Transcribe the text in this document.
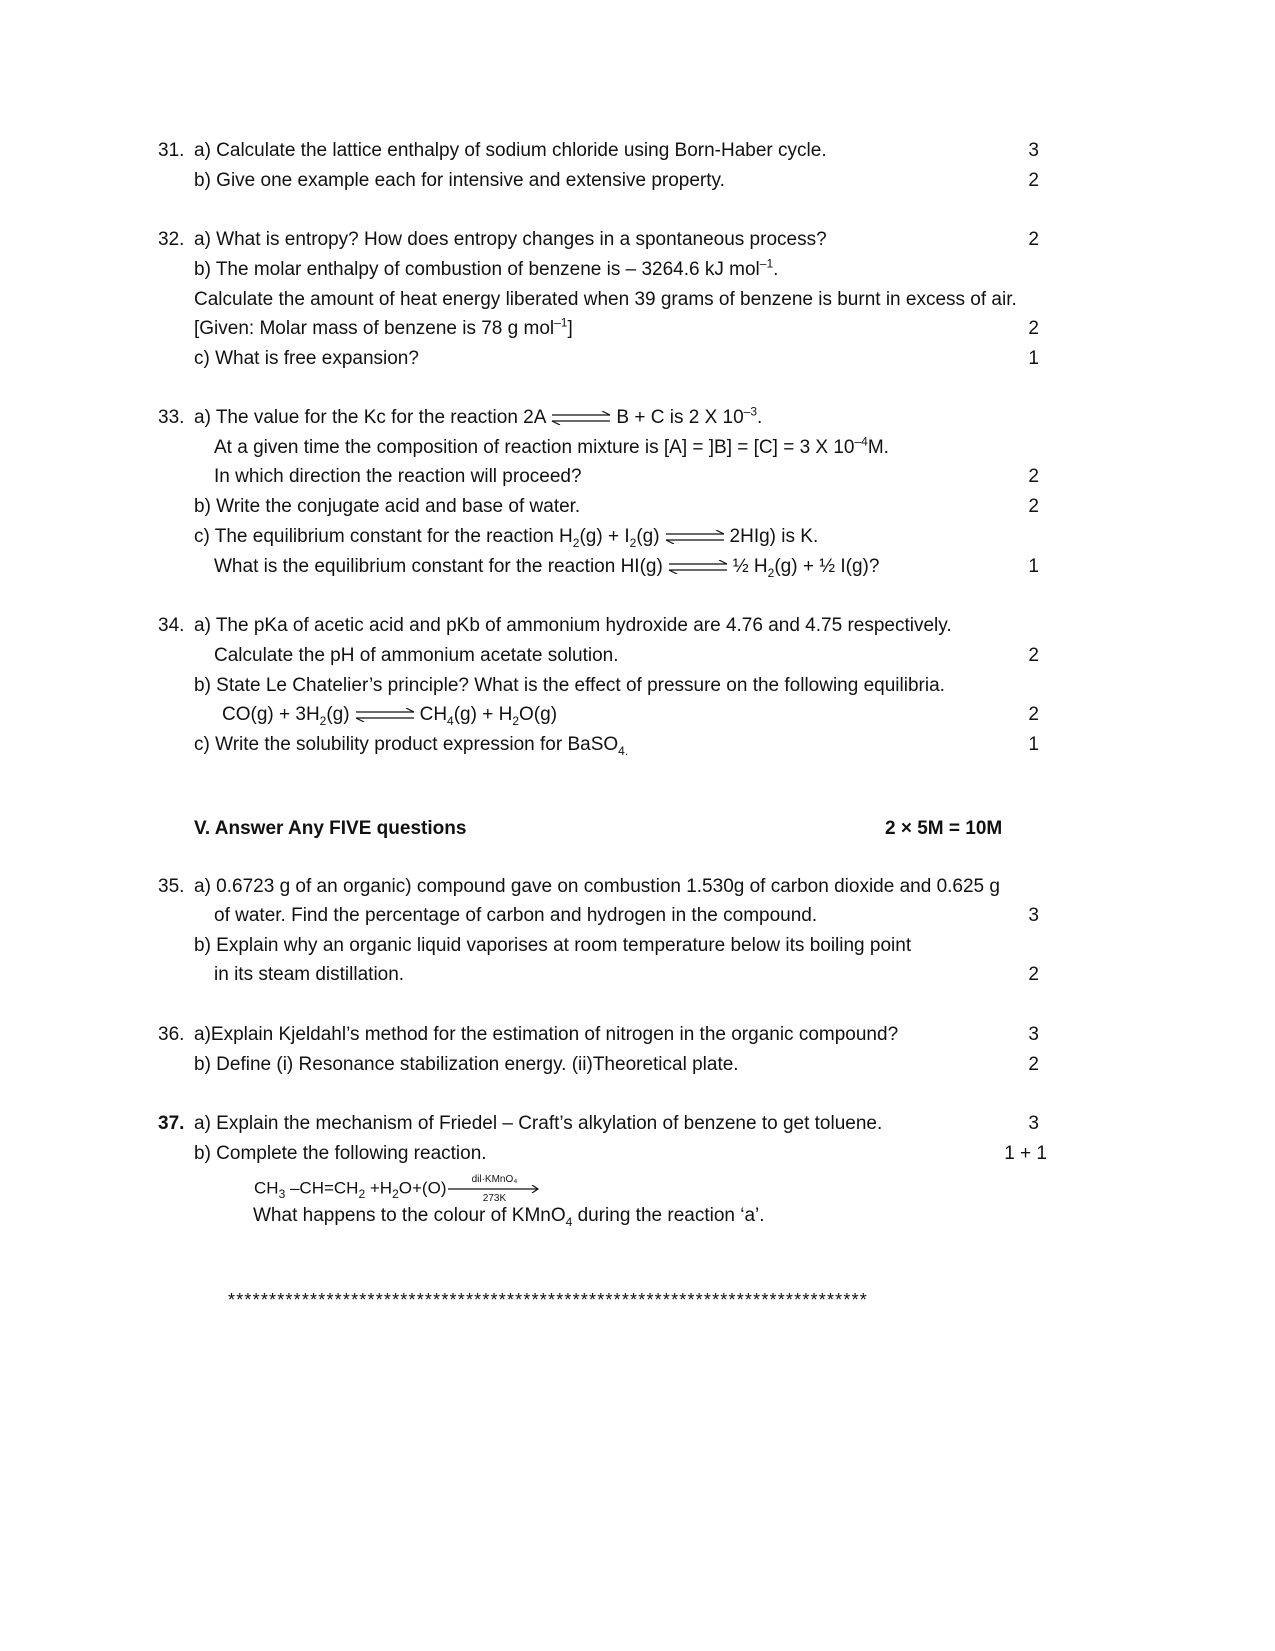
31. a) Calculate the lattice enthalpy of sodium chloride using Born-Haber cycle.	3
b) Give one example each for intensive and extensive property.	2
32. a) What is entropy? How does entropy changes in a spontaneous process?	2
b) The molar enthalpy of combustion of benzene is – 3264.6 kJ mol$^{-1}$.
Calculate the amount of heat energy liberated when 39 grams of benzene is burnt in excess of air.
[Given: Molar mass of benzene is 78 g mol$^{-1}$]	2
c) What is free expansion?	1
33. a) The value for the Kc for the reaction 2A ⇌ B + C is 2 X $10^{-3}$.
At a given time the composition of reaction mixture is [A] = ]B] = [C] = 3 X $10^{-4}M$.
In which direction the reaction will proceed?	2
b) Write the conjugate acid and base of water.	2
c) The equilibrium constant for the reaction $H_2(g) + I_2(g)$ ⇌ 2HIg) is K.
What is the equilibrium constant for the reaction HI(g) ⇌ ½ $H_2(g)$ + ½ I(g)?	1
34. a) The pKa of acetic acid and pKb of ammonium hydroxide are 4.76 and 4.75 respectively.
Calculate the pH of ammonium acetate solution.	2
b) State Le Chatelier’s principle? What is the effect of pressure on the following equilibria.
$CO(g) + 3H_2(g)$ ⇌ $CH_4(g) + H_2O(g)$	2
c) Write the solubility product expression for BaSO$_{4.}$	1
V. Answer Any FIVE questions	2 × 5M = 10M
35. a) 0.6723 g of an organic) compound gave on combustion 1.530g of carbon dioxide and 0.625 g
of water. Find the percentage of carbon and hydrogen in the compound.	3
b) Explain why an organic liquid vaporises at room temperature below its boiling point
in its steam distillation.	2
36. a)Explain Kjeldahl’s method for the estimation of nitrogen in the organic compound?	3
b) Define (i) Resonance stabilization energy. (ii)Theoretical plate.	2
37. a) Explain the mechanism of Friedel – Craft’s alkylation of benzene to get toluene.	3
b) Complete the following reaction.	1 + 1
$CH_3$ $-CH=CH_2 +H_2O+(O)$	dil·KMnO₄
273K
What happens to the colour of KMnO$_4$ during the reaction ‘a’.
******************************************************************************
